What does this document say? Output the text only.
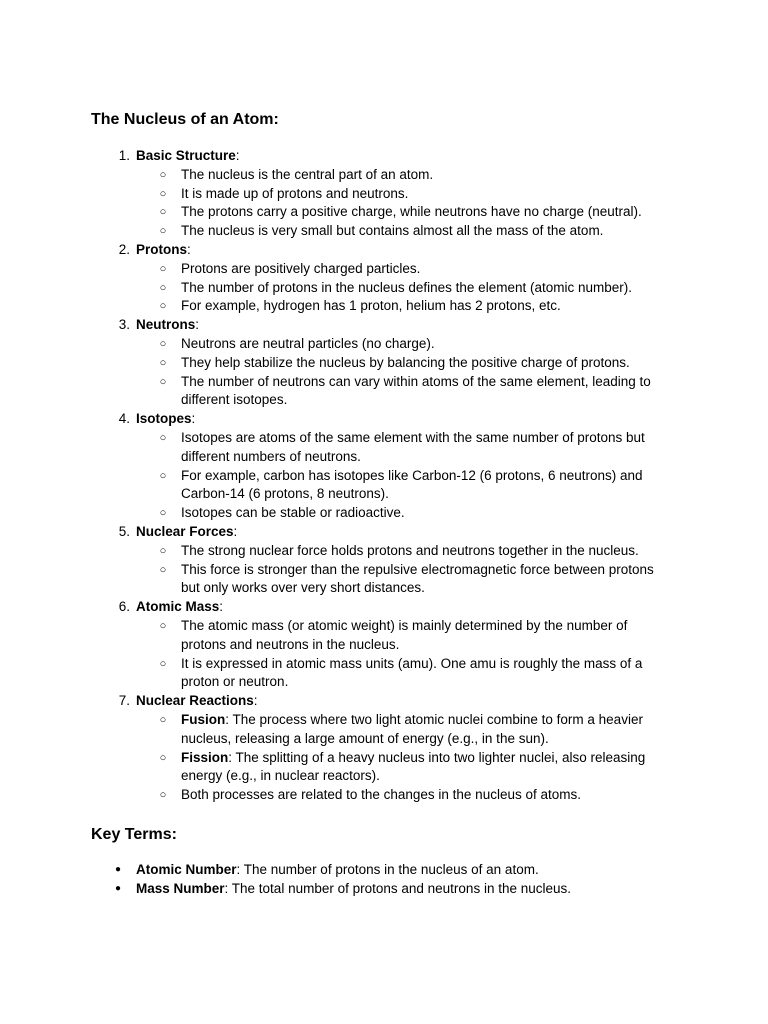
The Nucleus of an Atom:
1. Basic Structure:
○ The nucleus is the central part of an atom.
○ It is made up of protons and neutrons.
○ The protons carry a positive charge, while neutrons have no charge (neutral).
○ The nucleus is very small but contains almost all the mass of the atom.
2. Protons:
○ Protons are positively charged particles.
○ The number of protons in the nucleus defines the element (atomic number).
○ For example, hydrogen has 1 proton, helium has 2 protons, etc.
3. Neutrons:
○ Neutrons are neutral particles (no charge).
○ They help stabilize the nucleus by balancing the positive charge of protons.
○ The number of neutrons can vary within atoms of the same element, leading to different isotopes.
4. Isotopes:
○ Isotopes are atoms of the same element with the same number of protons but different numbers of neutrons.
○ For example, carbon has isotopes like Carbon-12 (6 protons, 6 neutrons) and Carbon-14 (6 protons, 8 neutrons).
○ Isotopes can be stable or radioactive.
5. Nuclear Forces:
○ The strong nuclear force holds protons and neutrons together in the nucleus.
○ This force is stronger than the repulsive electromagnetic force between protons but only works over very short distances.
6. Atomic Mass:
○ The atomic mass (or atomic weight) is mainly determined by the number of protons and neutrons in the nucleus.
○ It is expressed in atomic mass units (amu). One amu is roughly the mass of a proton or neutron.
7. Nuclear Reactions:
○ Fusion: The process where two light atomic nuclei combine to form a heavier nucleus, releasing a large amount of energy (e.g., in the sun).
○ Fission: The splitting of a heavy nucleus into two lighter nuclei, also releasing energy (e.g., in nuclear reactors).
○ Both processes are related to the changes in the nucleus of atoms.
Key Terms:
● Atomic Number: The number of protons in the nucleus of an atom.
● Mass Number: The total number of protons and neutrons in the nucleus.
